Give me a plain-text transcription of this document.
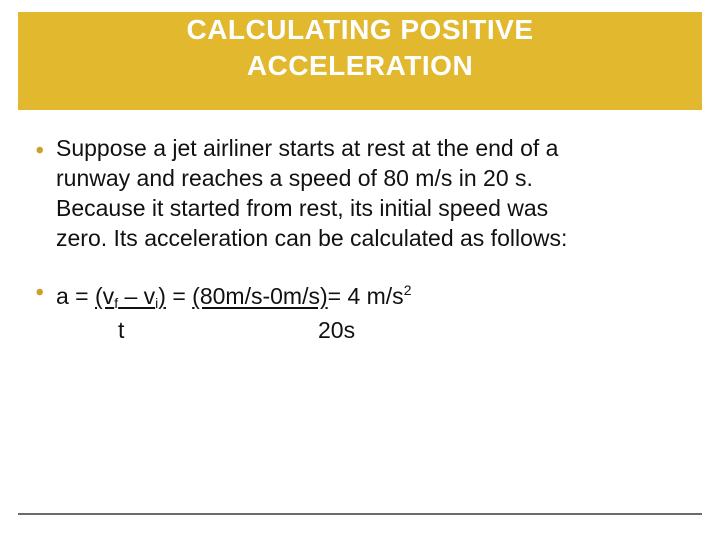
CALCULATING POSITIVE
ACCELERATION
⦁ Suppose a jet airliner starts at rest at the end of a
runway and reaches a speed of 80 m/s in 20 s.
Because it started from rest, its initial speed was
zero. Its acceleration can be calculated as follows:
⦁ $a = (v_f - v_i) = (80m/s-0m/s)= 4$ $m/s^2$
t	20s
